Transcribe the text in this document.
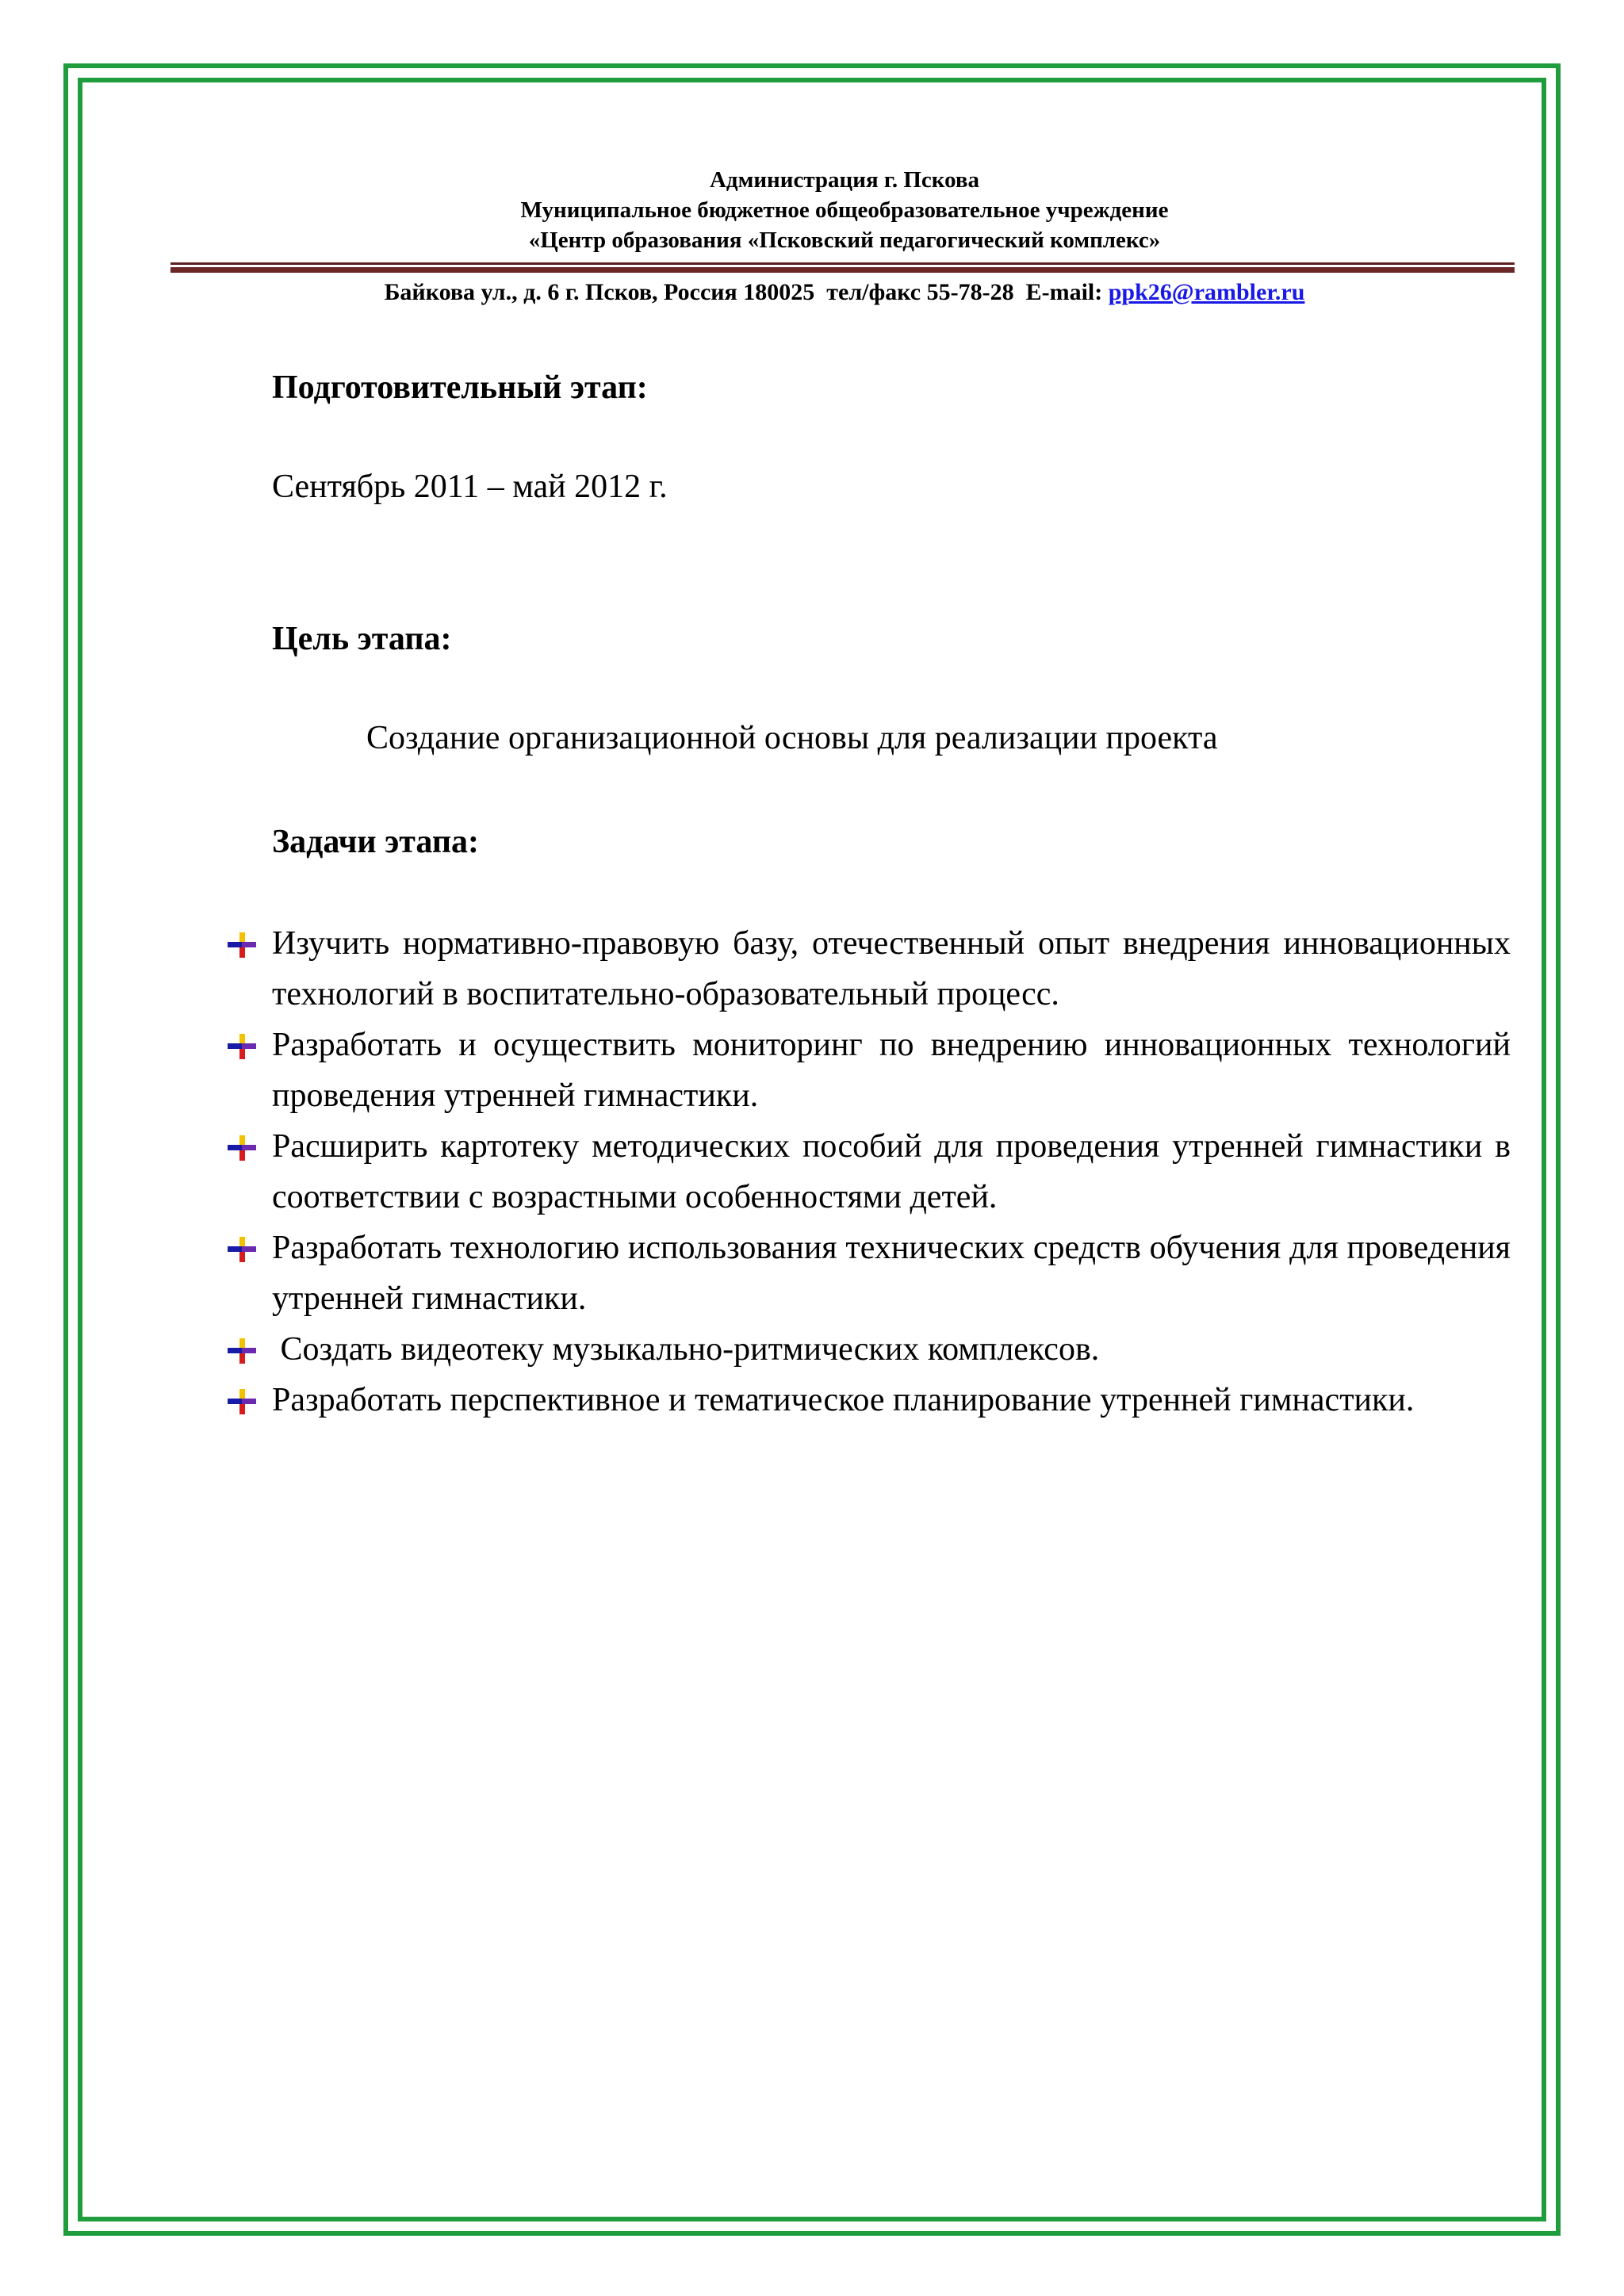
Администрация г. Пскова
Муниципальное бюджетное общеобразовательное учреждение
«Центр образования «Псковский педагогический комплекс»
Байкова ул., д. 6 г. Псков, Россия 180025  тел/факс 55-78-28  E-mail: ppk26@rambler.ru
Подготовительный этап:
Сентябрь 2011 – май 2012 г.
Цель этапа:
Создание организационной основы для реализации проекта
Задачи этапа:
Изучить нормативно-правовую базу, отечественный опыт внедрения инновационных технологий в воспитательно-образовательный процесс.
Разработать и осуществить мониторинг по внедрению инновационных технологий проведения утренней гимнастики.
Расширить картотеку методических пособий для проведения утренней гимнастики в соответствии с возрастными особенностями детей.
Разработать технологию использования технических средств обучения для проведения утренней гимнастики.
Создать видеотеку музыкально-ритмических комплексов.
Разработать перспективное и тематическое планирование утренней гимнастики.
